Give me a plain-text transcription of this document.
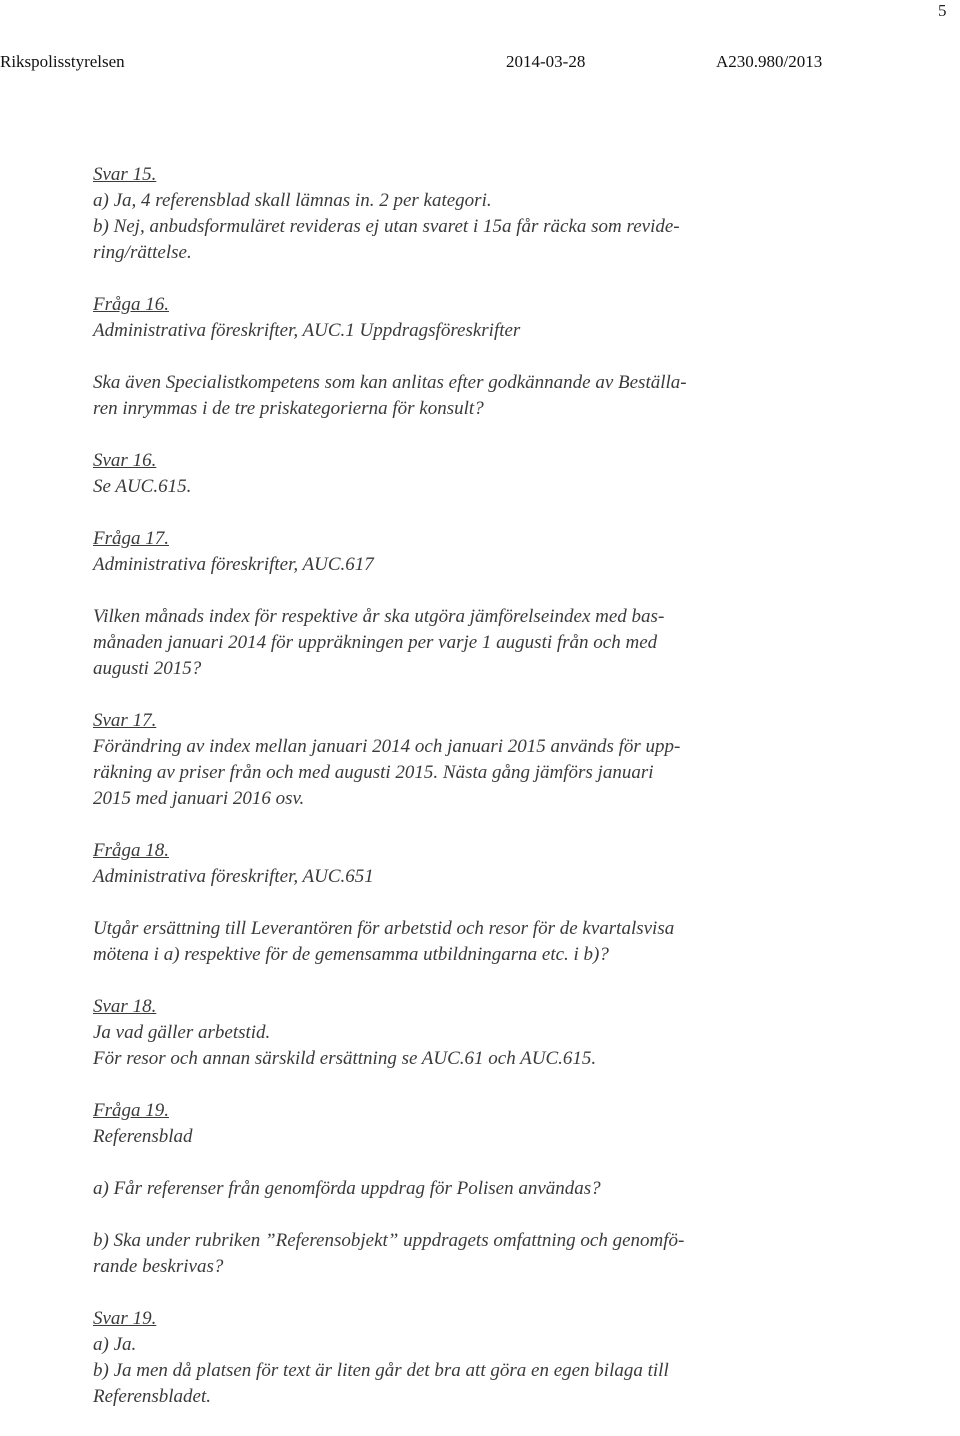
5
Rikspolisstyrelsen	2014-03-28	A230.980/2013
Svar 15.
a) Ja, 4 referensblad skall lämnas in. 2 per kategori.
b) Nej, anbudsformuläret revideras ej utan svaret i 15a får räcka som revide-
ring/rättelse.
Fråga 16.
Administrativa föreskrifter, AUC.1 Uppdragsföreskrifter
Ska även Specialistkompetens som kan anlitas efter godkännande av Beställa-
ren inrymmas i de tre priskategorierna för konsult?
Svar 16.
Se AUC.615.
Fråga 17.
Administrativa föreskrifter, AUC.617
Vilken månads index för respektive år ska utgöra jämförelseindex med bas-
månaden januari 2014 för uppräkningen per varje 1 augusti från och med
augusti 2015?
Svar 17.
Förändring av index mellan januari 2014 och januari 2015 används för upp-
räkning av priser från och med augusti 2015. Nästa gång jämförs januari
2015 med januari 2016 osv.
Fråga 18.
Administrativa föreskrifter, AUC.651
Utgår ersättning till Leverantören för arbetstid och resor för de kvartalsvisa
mötena i a) respektive för de gemensamma utbildningarna etc. i b)?
Svar 18.
Ja vad gäller arbetstid.
För resor och annan särskild ersättning se AUC.61 och AUC.615.
Fråga 19.
Referensblad
a) Får referenser från genomförda uppdrag för Polisen användas?
b) Ska under rubriken ”Referensobjekt” uppdragets omfattning och genomfö-
rande beskrivas?
Svar 19.
a) Ja.
b) Ja men då platsen för text är liten går det bra att göra en egen bilaga till
Referensbladet.
